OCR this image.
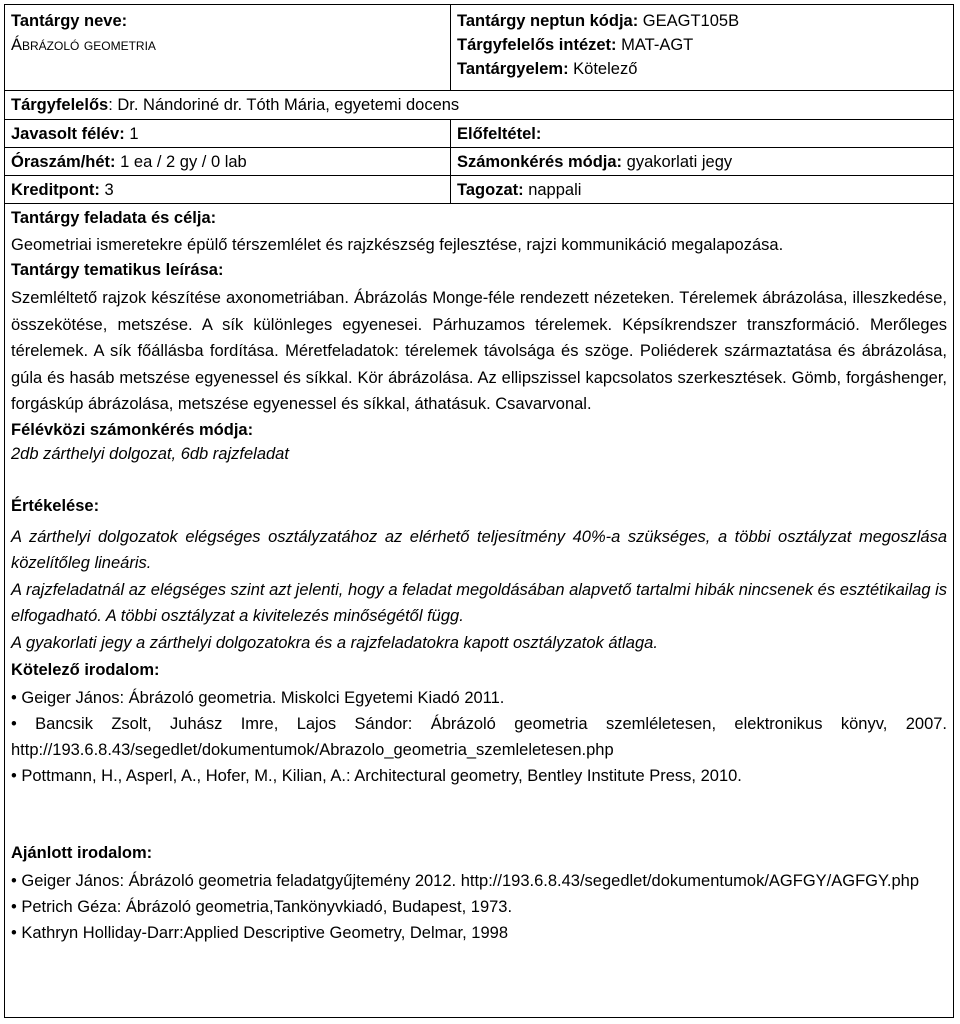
Tantárgy neve:
Ábrázoló geometria
Tantárgy neptun kódja: GEAGT105B
Tárgyfelelős intézet: MAT-AGT
Tantárgyelem: Kötelező
Tárgyfelelős: Dr. Nándoriné dr. Tóth Mária, egyetemi docens
Javasolt félév: 1	Előfeltétel:
Óraszám/hét: 1 ea / 2 gy / 0 lab	Számonkérés módja: gyakorlati jegy
Kreditpont: 3	Tagozat: nappali
Tantárgy feladata és célja:
Geometriai ismeretekre épülő térszemlélet és rajzkészség fejlesztése, rajzi kommunikáció megalapozása.
Tantárgy tematikus leírása:
Szemléltető rajzok készítése axonometriában. Ábrázolás Monge-féle rendezett nézeteken. Térelemek ábrázolása, illeszkedése, összekötése, metszése. A sík különleges egyenesei. Párhuzamos térelemek. Képsíkrendszer transzformáció. Merőleges térelemek. A sík főállásba fordítása. Méretfeladatok: térelemek távolsága és szöge. Poliéderek származtatása és ábrázolása, gúla és hasáb metszése egyenessel és síkkal. Kör ábrázolása. Az ellipszissel kapcsolatos szerkesztések. Gömb, forgáshenger, forgáskúp ábrázolása, metszése egyenessel és síkkal, áthatásuk. Csavarvonal.
Félévközi számonkérés módja:
2db zárthelyi dolgozat, 6db rajzfeladat
Értékelése:
A zárthelyi dolgozatok elégséges osztályzatához az elérhető teljesítmény 40%-a szükséges, a többi osztályzat megoszlása közelítőleg lineáris.
A rajzfeladatnál az elégséges szint azt jelenti, hogy a feladat megoldásában alapvető tartalmi hibák nincsenek és esztétikailag is elfogadható. A többi osztályzat a kivitelezés minőségétől függ.
A gyakorlati jegy a zárthelyi dolgozatokra és a rajzfeladatokra kapott osztályzatok átlaga.
Kötelező irodalom:
• Geiger János: Ábrázoló geometria. Miskolci Egyetemi Kiadó 2011.
• Bancsik Zsolt, Juhász Imre, Lajos Sándor: Ábrázoló geometria szemléletesen, elektronikus könyv, 2007. http://193.6.8.43/segedlet/dokumentumok/Abrazolo_geometria_szemleletesen.php
• Pottmann, H., Asperl, A., Hofer, M., Kilian, A.: Architectural geometry, Bentley Institute Press, 2010.
Ajánlott irodalom:
• Geiger János: Ábrázoló geometria feladatgyűjtemény 2012. http://193.6.8.43/segedlet/dokumentumok/AGFGY/AGFGY.php
• Petrich Géza: Ábrázoló geometria,Tankönyvkiadó, Budapest, 1973.
• Kathryn Holliday-Darr:Applied Descriptive Geometry, Delmar, 1998
